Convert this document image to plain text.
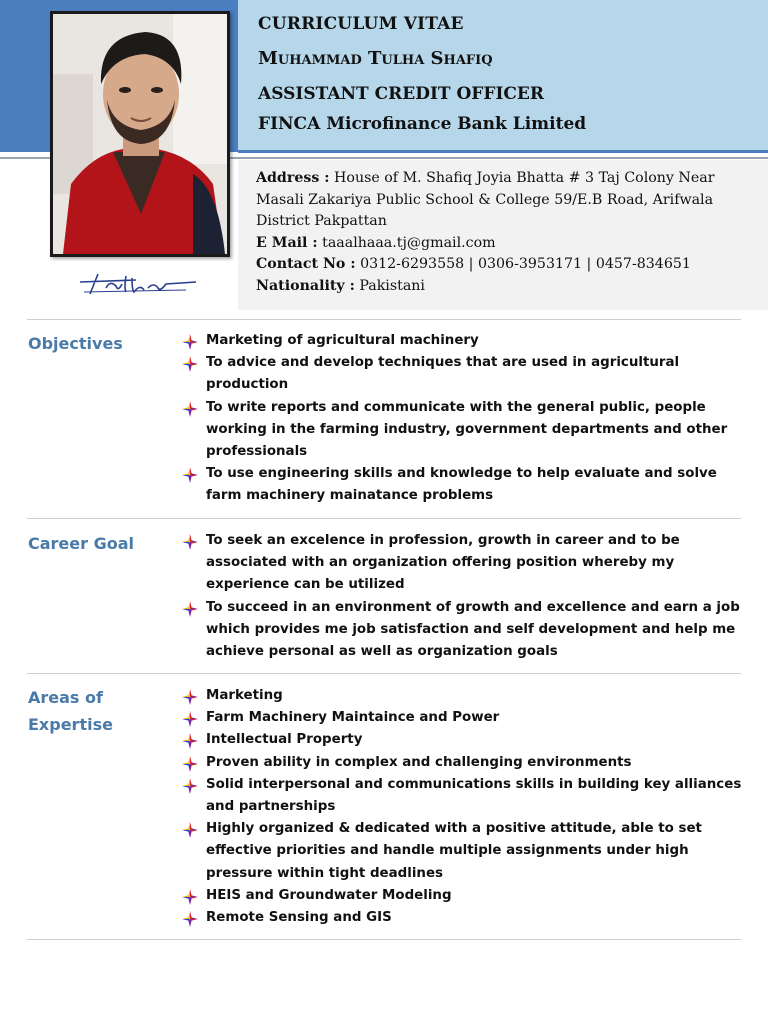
CURRICULUM VITAE
Muhammad Tulha Shafiq
ASSISTANT CREDIT OFFICER
FINCA Microfinance Bank Limited
Address : House of M. Shafiq Joyia Bhatta # 3 Taj Colony Near Masali Zakariya Public School & College 59/E.B Road, Arifwala District Pakpattan
E Mail : taaalhaaa.tj@gmail.com
Contact No : 0312-6293558 | 0306-3953171 | 0457-834651
Nationality : Pakistani
Objectives	Marketing of agricultural machinery
To advice and develop techniques that are used in agricultural production
To write reports and communicate with the general public, people working in the farming industry, government departments and other professionals
To use engineering skills and knowledge to help evaluate and solve farm machinery mainatance problems
Career Goal	To seek an excelence in profession, growth in career and to be associated with an organization offering position whereby my experience can be utilized
To succeed in an environment of growth and excellence and earn a job which provides me job satisfaction and self development and help me achieve personal as well as organization goals
Areas of
Expertise
Marketing
Farm Machinery Maintaince and Power
Intellectual Property
Proven ability in complex and challenging environments
Solid interpersonal and communications skills in building key alliances and partnerships
Highly organized & dedicated with a positive attitude, able to set effective priorities and handle multiple assignments under high pressure within tight deadlines
HEIS and Groundwater Modeling
Remote Sensing and GIS
